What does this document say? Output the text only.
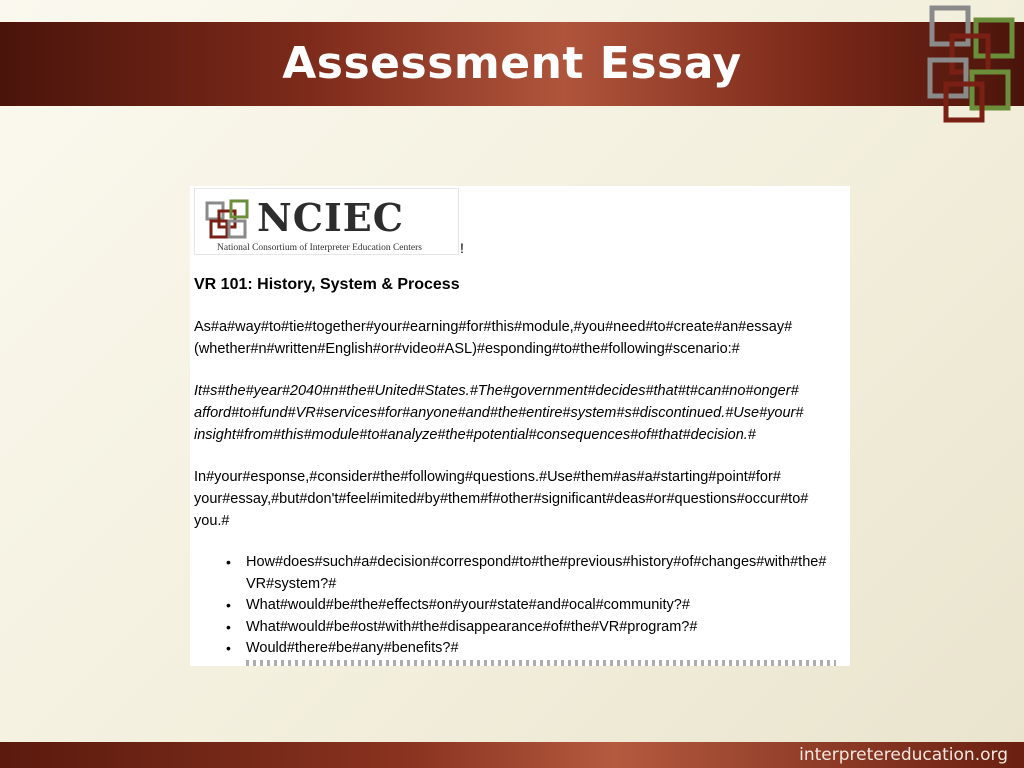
Assessment Essay
NCIEC
National Consortium of Interpreter Education Centers	!
VR 101: History, System & Process
As#a#way#to#tie#together#your#earning#for#this#module,#you#need#to#create#an#essay# (whether#n#written#English#or#video#ASL)#esponding#to#the#following#scenario:#
It#s#the#year#2040#n#the#United#States.#The#government#decides#that#t#can#no#onger# afford#to#fund#VR#services#for#anyone#and#the#entire#system#s#discontinued.#Use#your# insight#from#this#module#to#analyze#the#potential#consequences#of#that#decision.#
In#your#esponse,#consider#the#following#questions.#Use#them#as#a#starting#point#for# your#essay,#but#don't#feel#imited#by#them#f#other#significant#deas#or#questions#occur#to# you.#
• How#does#such#a#decision#correspond#to#the#previous#history#of#changes#with#the# VR#system?#
• What#would#be#the#effects#on#your#state#and#ocal#community?#
• What#would#be#ost#with#the#disappearance#of#the#VR#program?#
• Would#there#be#any#benefits?#
interpretereducation.org
